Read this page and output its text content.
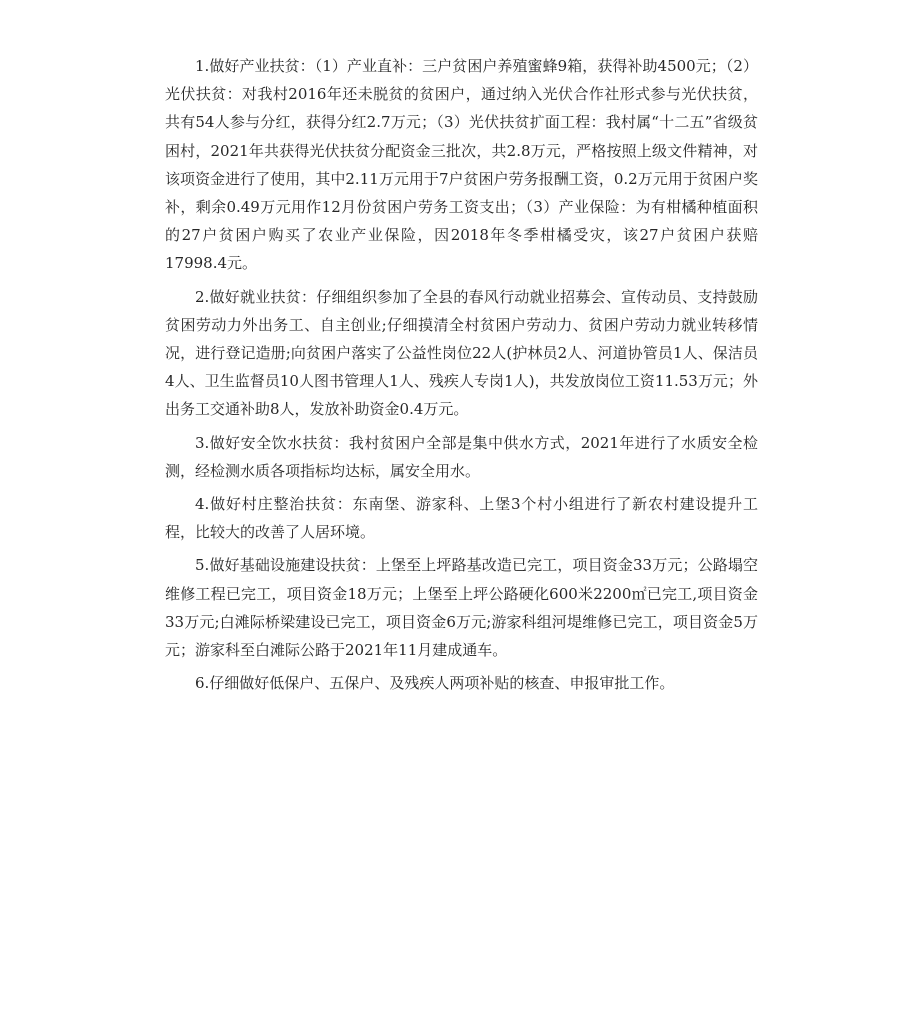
1.做好产业扶贫：（1）产业直补：三户贫困户养殖蜜蜂9箱，获得补助4500元；（2）光伏扶贫：对我村2016年还未脱贫的贫困户，通过纳入光伏合作社形式参与光伏扶贫，共有54人参与分红，获得分红2.7万元；（3）光伏扶贫扩面工程：我村属“十二五”省级贫困村，2021年共获得光伏扶贫分配资金三批次，共2.8万元，严格按照上级文件精神，对该项资金进行了使用，其中2.11万元用于7户贫困户劳务报酬工资，0.2万元用于贫困户奖补，剩余0.49万元用作12月份贫困户劳务工资支出；（3）产业保险：为有柑橘种植面积的27户贫困户购买了农业产业保险，因2018年冬季柑橘受灾，该27户贫困户获赔17998.4元。

2.做好就业扶贫：仔细组织参加了全县的春风行动就业招募会、宣传动员、支持鼓励贫困劳动力外出务工、自主创业;仔细摸清全村贫困户劳动力、贫困户劳动力就业转移情况，进行登记造册;向贫困户落实了公益性岗位22人(护林员2人、河道协管员1人、保洁员4人、卫生监督员10人图书管理人1人、残疾人专岗1人)，共发放岗位工资11.53万元；外出务工交通补助8人，发放补助资金0.4万元。

3.做好安全饮水扶贫：我村贫困户全部是集中供水方式，2021年进行了水质安全检测，经检测水质各项指标均达标，属安全用水。

4.做好村庄整治扶贫：东南堡、游家科、上堡3个村小组进行了新农村建设提升工程，比较大的改善了人居环境。

5.做好基础设施建设扶贫：上堡至上坪路基改造已完工，项目资金33万元；公路塌空维修工程已完工，项目资金18万元；上堡至上坪公路硬化600米2200㎡已完工,项目资金33万元;白滩际桥梁建设已完工，项目资金6万元;游家科组河堤维修已完工，项目资金5万元；游家科至白滩际公路于2021年11月建成通车。

6.仔细做好低保户、五保户、及残疾人两项补贴的核查、申报审批工作。
